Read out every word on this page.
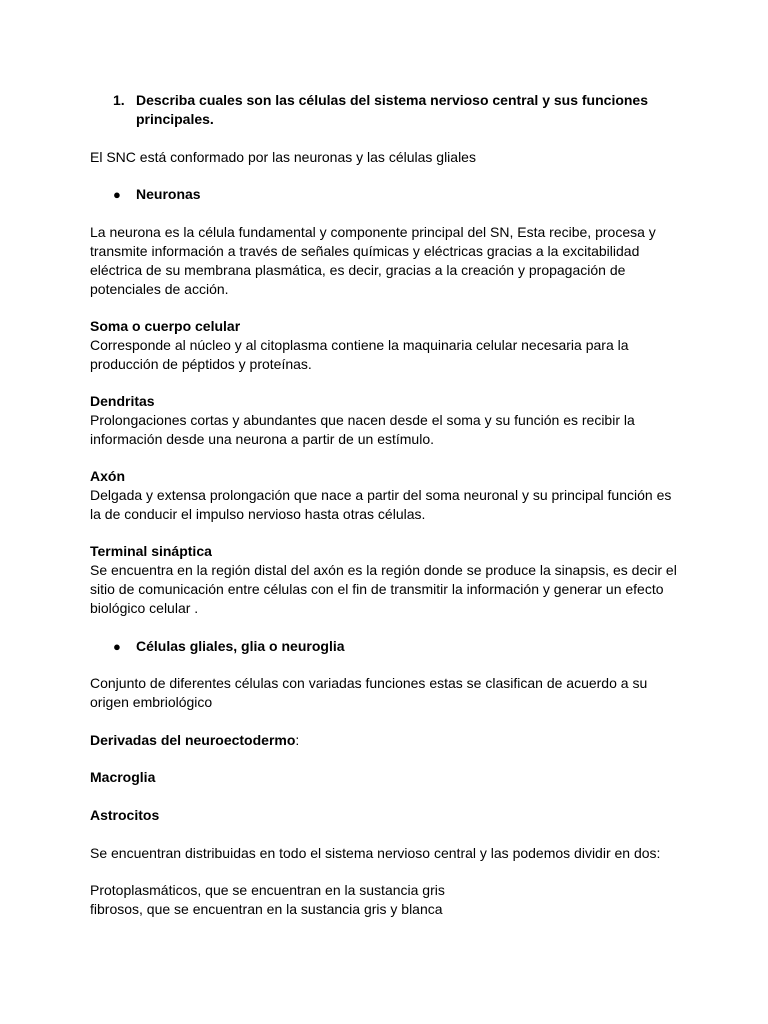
1. Describa cuales son las células del sistema nervioso central y sus funciones
principales.

El SNC está conformado por las neuronas y las células gliales

● Neuronas
La neurona es la célula fundamental y componente principal del SN, Esta recibe, procesa y
transmite información a través de señales químicas y eléctricas gracias a la excitabilidad
eléctrica de su membrana plasmática, es decir, gracias a la creación y propagación de
potenciales de acción.
Soma o cuerpo celular
Corresponde al núcleo y al citoplasma contiene la maquinaria celular necesaria para la
producción de péptidos y proteínas.
Dendritas
Prolongaciones cortas y abundantes que nacen desde el soma y su función es recibir la
información desde una neurona a partir de un estímulo.
Axón
Delgada y extensa prolongación que nace a partir del soma neuronal y su principal función es
la de conducir el impulso nervioso hasta otras células.
Terminal sináptica
Se encuentra en la región distal del axón es la región donde se produce la sinapsis, es decir el
sitio de comunicación entre células con el fin de transmitir la información y generar un efecto
biológico celular .
● Células gliales, glia o neuroglia
Conjunto de diferentes células con variadas funciones estas se clasifican de acuerdo a su
origen embriológico

Derivadas del neuroectodermo:

Macroglia

Astrocitos

Se encuentran distribuidas en todo el sistema nervioso central y las podemos dividir en dos:

Protoplasmáticos, que se encuentran en la sustancia gris
fibrosos, que se encuentran en la sustancia gris y blanca
